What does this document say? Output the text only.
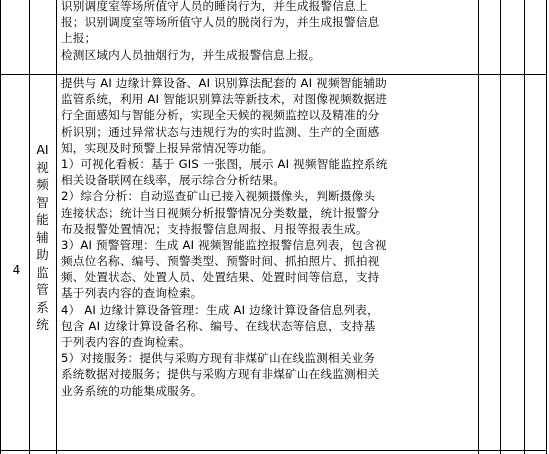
识别调度室等场所值守人员的睡岗行为，并生成报警信息上
报；识别调度室等场所值守人员的脱岗行为，并生成报警信息
上报；
检测区域内人员抽烟行为，并生成报警信息上报。
4
AI
视
频
智
能
辅
助
监
管
系
统
提供与 AI 边缘计算设备、AI 识别算法配套的 AI 视频智能辅助
监管系统，利用 AI 智能识别算法等新技术，对图像视频数据进
行全面感知与智能分析，实现全天候的视频监控以及精准的分
析识别；通过异常状态与违规行为的实时监测、生产的全面感
知，实现及时预警上报异常情况等功能。
1）可视化看板：基于 GIS 一张图，展示 AI 视频智能监控系统
相关设备联网在线率，展示综合分析结果。
2）综合分析：自动巡查矿山已接入视频摄像头，判断摄像头
连接状态；统计当日视频分析报警情况分类数量，统计报警分
布及报警处置情况；支持报警信息周报、月报等报表生成。
3）AI 预警管理：生成 AI 视频智能监控报警信息列表，包含视
频点位名称、编号、预警类型、预警时间、抓拍照片、抓拍视
频、处置状态、处置人员、处置结果、处置时间等信息，支持
基于列表内容的查询检索。
4） AI 边缘计算设备管理：生成 AI 边缘计算设备信息列表，
包含 AI 边缘计算设备名称、编号、在线状态等信息，支持基
于列表内容的查询检索。
5）对接服务：提供与采购方现有非煤矿山在线监测相关业务
系统数据对接服务；提供与采购方现有非煤矿山在线监测相关
业务系统的功能集成服务。
